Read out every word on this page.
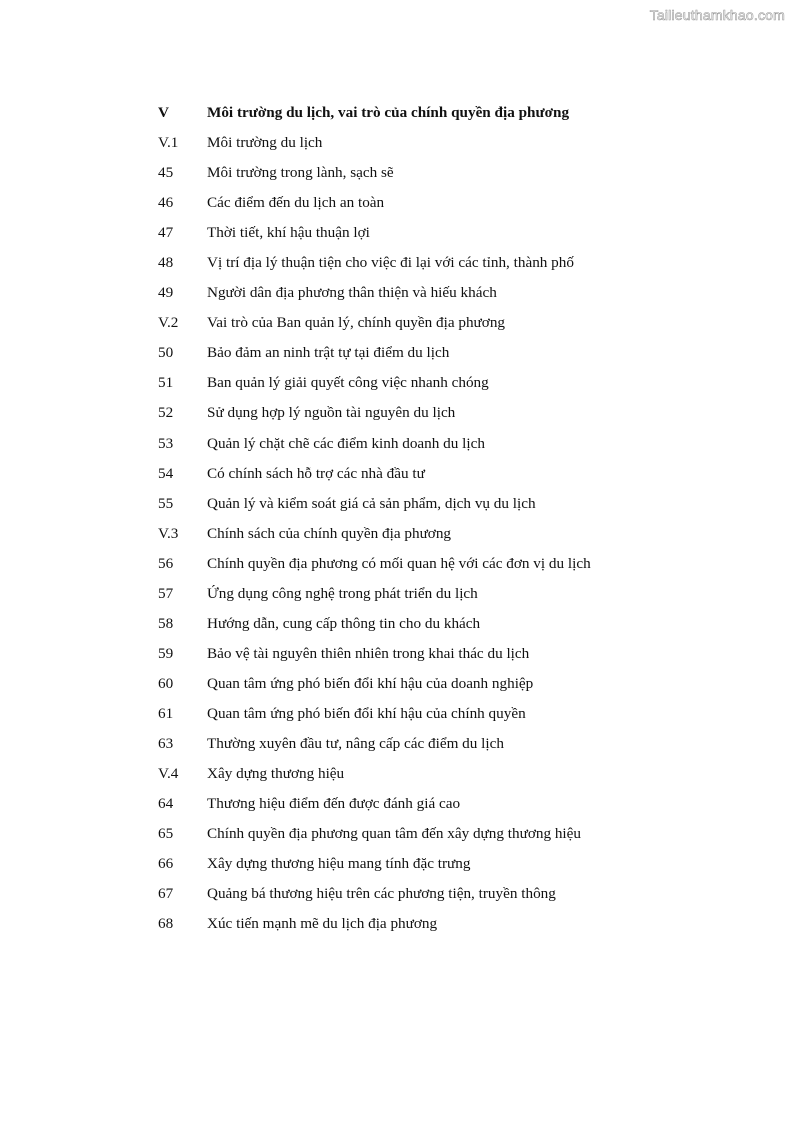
Tailieuthamkhao.com
V	Môi trường du lịch, vai trò của chính quyền địa phương
V.1	Môi trường du lịch
45	Môi trường trong lành, sạch sẽ
46	Các điểm đến du lịch an toàn
47	Thời tiết, khí hậu thuận lợi
48	Vị trí địa lý thuận tiện cho việc đi lại với các tỉnh, thành phố
49	Người dân địa phương thân thiện và hiếu khách
V.2	Vai trò của Ban quản lý, chính quyền địa phương
50	Bảo đảm an ninh trật tự tại điểm du lịch
51	Ban quản lý giải quyết công việc nhanh chóng
52	Sử dụng hợp lý nguồn tài nguyên du lịch
53	Quản lý chặt chẽ các điểm kinh doanh du lịch
54	Có chính sách hỗ trợ các nhà đầu tư
55	Quản lý và kiểm soát giá cả sản phẩm, dịch vụ du lịch
V.3	Chính sách của chính quyền địa phương
56	Chính quyền địa phương có mối quan hệ với các đơn vị du lịch
57	Ứng dụng công nghệ trong phát triển du lịch
58	Hướng dẫn, cung cấp thông tin cho du khách
59	Bảo vệ tài nguyên thiên nhiên trong khai thác du lịch
60	Quan tâm ứng phó biến đổi khí hậu của doanh nghiệp
61	Quan tâm ứng phó biến đổi khí hậu của chính quyền
63	Thường xuyên đầu tư, nâng cấp các điểm du lịch
V.4	Xây dựng thương hiệu
64	Thương hiệu điểm đến được đánh giá cao
65	Chính quyền địa phương quan tâm đến xây dựng thương hiệu
66	Xây dựng thương hiệu mang tính đặc trưng
67	Quảng bá thương hiệu trên các phương tiện, truyền thông
68	Xúc tiến mạnh mẽ du lịch địa phương
